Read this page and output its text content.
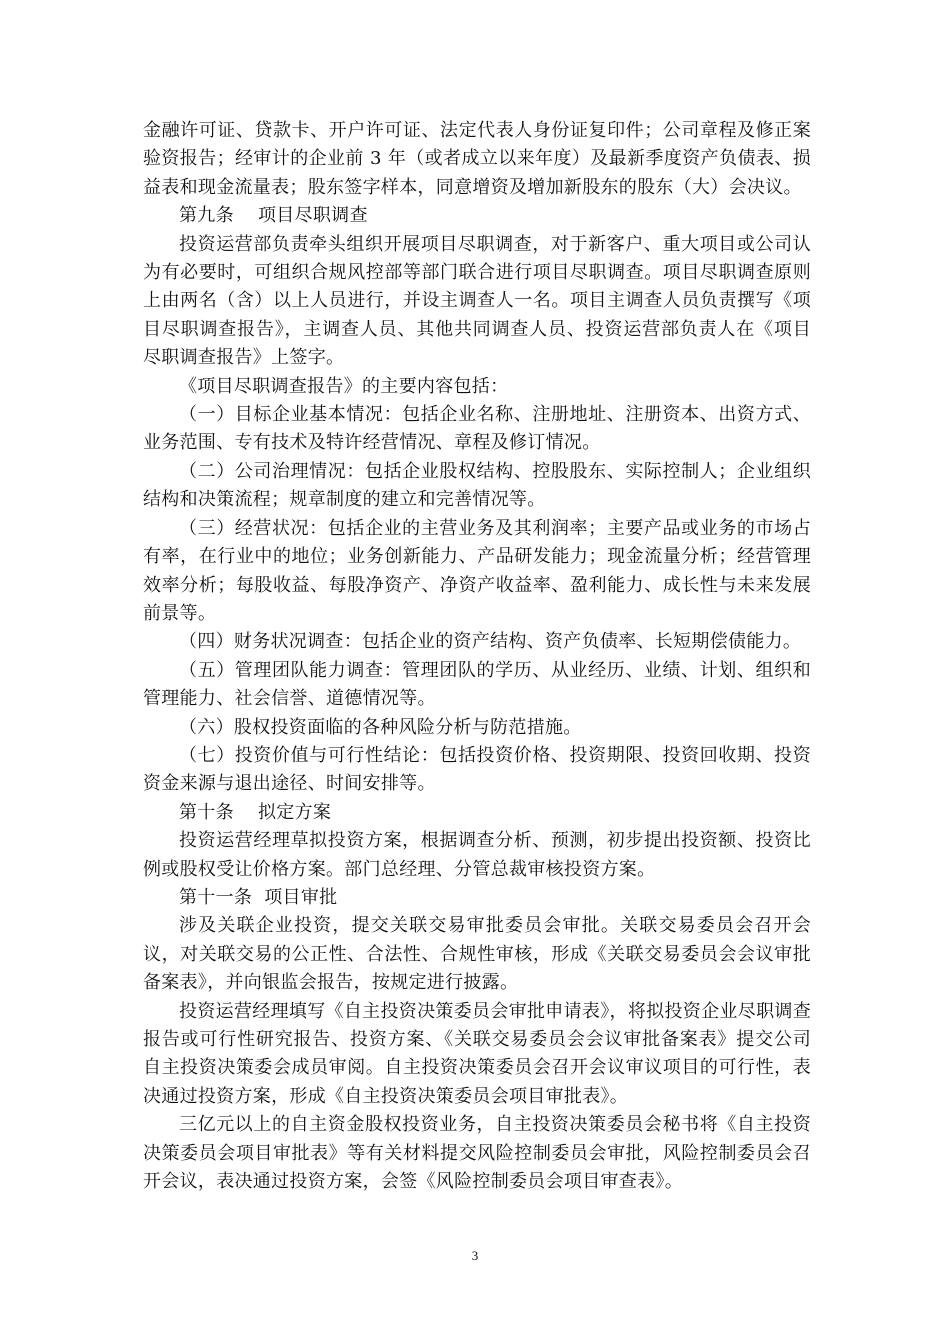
金融许可证、贷款卡、开户许可证、法定代表人身份证复印件；公司章程及修正案验资报告；经审计的企业前 3 年（或者成立以来年度）及最新季度资产负债表、损益表和现金流量表；股东签字样本，同意增资及增加新股东的股东（大）会决议。

第九条    项目尽职调查

投资运营部负责牵头组织开展项目尽职调查，对于新客户、重大项目或公司认为有必要时，可组织合规风控部等部门联合进行项目尽职调查。项目尽职调查原则上由两名（含）以上人员进行，并设主调查人一名。项目主调查人员负责撰写《项目尽职调查报告》，主调查人员、其他共同调查人员、投资运营部负责人在《项目尽职调查报告》上签字。

《项目尽职调查报告》的主要内容包括：

（一）目标企业基本情况：包括企业名称、注册地址、注册资本、出资方式、业务范围、专有技术及特许经营情况、章程及修订情况。

（二）公司治理情况：包括企业股权结构、控股股东、实际控制人；企业组织结构和决策流程；规章制度的建立和完善情况等。

（三）经营状况：包括企业的主营业务及其利润率；主要产品或业务的市场占有率，在行业中的地位；业务创新能力、产品研发能力；现金流量分析；经营管理效率分析；每股收益、每股净资产、净资产收益率、盈利能力、成长性与未来发展前景等。

（四）财务状况调查：包括企业的资产结构、资产负债率、长短期偿债能力。

（五）管理团队能力调查：管理团队的学历、从业经历、业绩、计划、组织和管理能力、社会信誉、道德情况等。

（六）股权投资面临的各种风险分析与防范措施。

（七）投资价值与可行性结论：包括投资价格、投资期限、投资回收期、投资资金来源与退出途径、时间安排等。

第十条    拟定方案

投资运营经理草拟投资方案，根据调查分析、预测，初步提出投资额、投资比例或股权受让价格方案。部门总经理、分管总裁审核投资方案。

第十一条  项目审批

涉及关联企业投资，提交关联交易审批委员会审批。关联交易委员会召开会议，对关联交易的公正性、合法性、合规性审核，形成《关联交易委员会会议审批备案表》，并向银监会报告，按规定进行披露。

投资运营经理填写《自主投资决策委员会审批申请表》，将拟投资企业尽职调查报告或可行性研究报告、投资方案、《关联交易委员会会议审批备案表》提交公司自主投资决策委会成员审阅。自主投资决策委员会召开会议审议项目的可行性，表决通过投资方案，形成《自主投资决策委员会项目审批表》。

三亿元以上的自主资金股权投资业务，自主投资决策委员会秘书将《自主投资决策委员会项目审批表》等有关材料提交风险控制委员会审批，风险控制委员会召开会议，表决通过投资方案，会签《风险控制委员会项目审查表》。

3
